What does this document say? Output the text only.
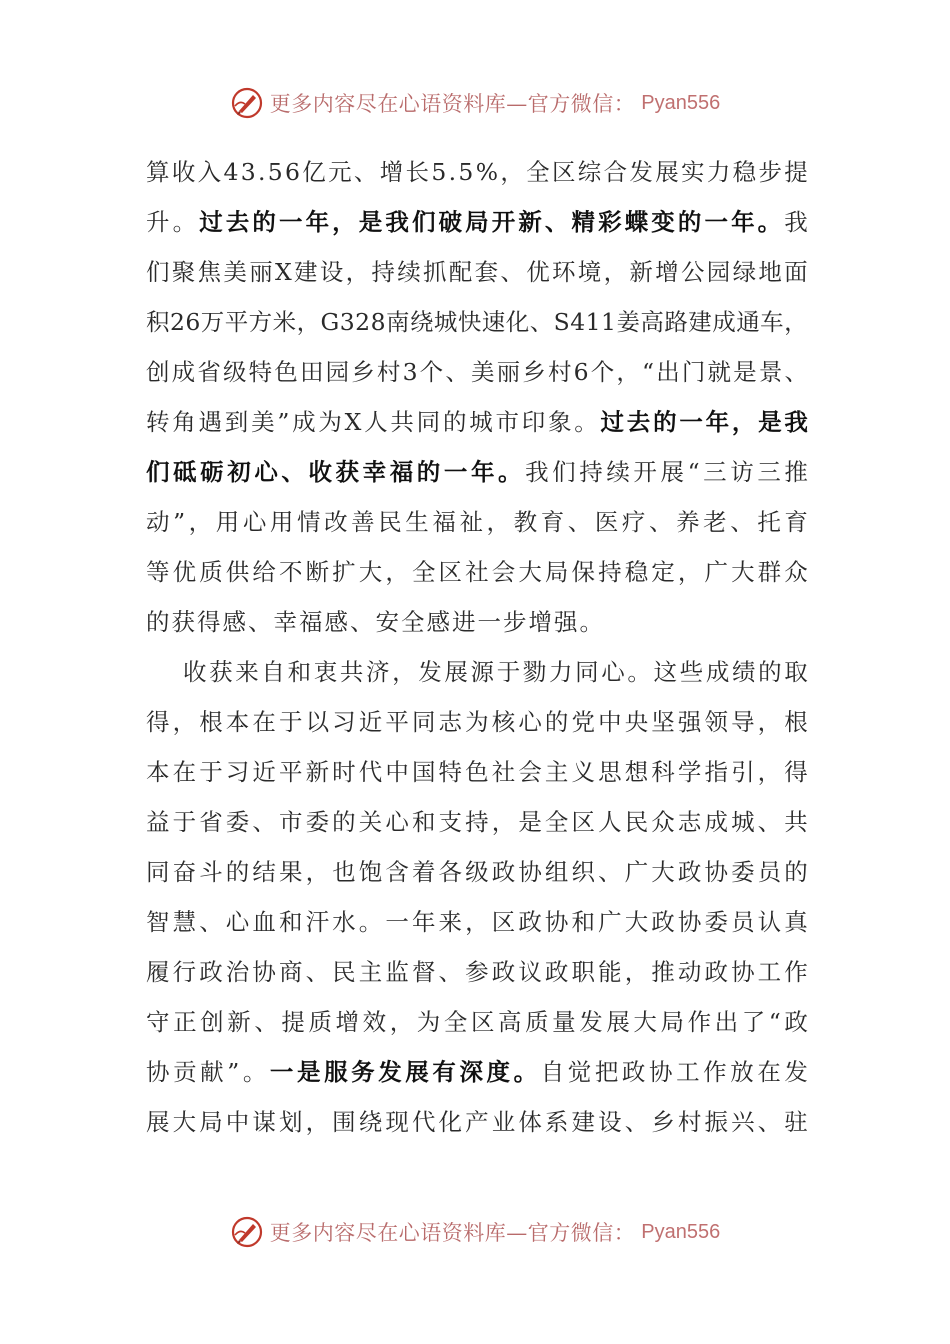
更多内容尽在心语资料库—官方微信： Pyan556
算 收 入 4 3 . 5 6 亿 元 、 增 长 5 . 5 % ， 全 区 综 合 发 展 实 力 稳 步 提
升 。 过 去 的 一 年 ， 是 我 们 破 局 开 新 、 精 彩 蝶 变 的 一 年 。 我
们 聚 焦 美 丽 X 建 设 ， 持 续 抓 配 套 、 优 环 境 ， 新 增 公 园 绿 地 面
积 2 6 万 平 方 米 ， G 3 2 8 南 绕 城 快 速 化 、 S 4 1 1 姜 高 路 建 成 通 车 ，
创 成 省 级 特 色 田 园 乡 村 3 个 、 美 丽 乡 村 6 个 ， “ 出 门 就 是 景 、
转 角 遇 到 美 ” 成 为 X 人 共 同 的 城 市 印 象 。 过 去 的 一 年 ， 是 我
们 砥 砺 初 心 、 收 获 幸 福 的 一 年 。 我 们 持 续 开 展 “ 三 访 三 推
动 ” ， 用 心 用 情 改 善 民 生 福 祉 ， 教 育 、 医 疗 、 养 老 、 托 育
等 优 质 供 给 不 断 扩 大 ， 全 区 社 会 大 局 保 持 稳 定 ， 广 大 群 众
的 获 得 感 、 幸 福 感 、 安 全 感 进 一 步 增 强 。
收 获 来 自 和 衷 共 济 ， 发 展 源 于 勠 力 同 心 。 这 些 成 绩 的 取
得 ， 根 本 在 于 以 习 近 平 同 志 为 核 心 的 党 中 央 坚 强 领 导 ， 根
本 在 于 习 近 平 新 时 代 中 国 特 色 社 会 主 义 思 想 科 学 指 引 ， 得
益 于 省 委 、 市 委 的 关 心 和 支 持 ， 是 全 区 人 民 众 志 成 城 、 共
同 奋 斗 的 结 果 ， 也 饱 含 着 各 级 政 协 组 织 、 广 大 政 协 委 员 的
智 慧 、 心 血 和 汗 水 。 一 年 来 ， 区 政 协 和 广 大 政 协 委 员 认 真
履 行 政 治 协 商 、 民 主 监 督 、 参 政 议 政 职 能 ， 推 动 政 协 工 作
守 正 创 新 、 提 质 增 效 ， 为 全 区 高 质 量 发 展 大 局 作 出 了 “ 政
协 贡 献 ” 。 一 是 服 务 发 展 有 深 度 。 自 觉 把 政 协 工 作 放 在 发
展 大 局 中 谋 划 ， 围 绕 现 代 化 产 业 体 系 建 设 、 乡 村 振 兴 、 驻
更多内容尽在心语资料库—官方微信： Pyan556
